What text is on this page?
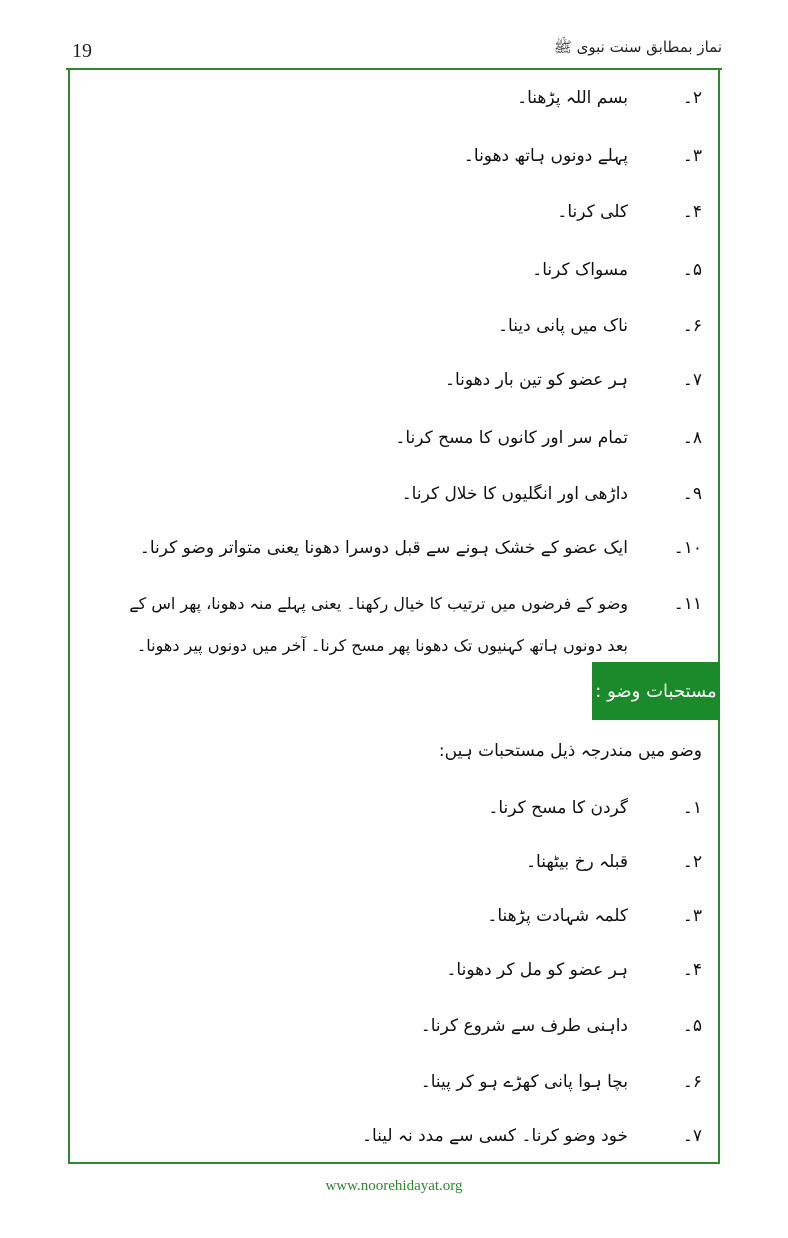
19	نماز بمطابق سنت نبوی ﷺ
۲۔
بسم اللہ پڑھنا۔
۳۔
پہلے دونوں ہاتھ دھونا۔
۴۔
کلی کرنا۔
۵۔
مسواک کرنا۔
۶۔
ناک میں پانی دینا۔
۷۔
ہر عضو کو تین بار دھونا۔
۸۔
تمام سر اور کانوں کا مسح کرنا۔
۹۔
داڑھی اور انگلیوں کا خلال کرنا۔
۱۰۔
ایک عضو کے خشک ہونے سے قبل دوسرا دھونا یعنی متواتر وضو کرنا۔
۱۱۔
وضو کے فرضوں میں ترتیب کا خیال رکھنا۔ یعنی پہلے منہ دھونا، پھر اس کے
بعد دونوں ہاتھ کہنیوں تک دھونا پھر مسح کرنا۔ آخر میں دونوں پیر دھونا۔
مستحبات وضو :
وضو میں مندرجہ ذیل مستحبات ہیں:
۱۔
گردن کا مسح کرنا۔
۲۔
قبلہ رخ بیٹھنا۔
۳۔
کلمہ شہادت پڑھنا۔
۴۔
ہر عضو کو مل کر دھونا۔
۵۔
داہنی طرف سے شروع کرنا۔
۶۔
بچا ہوا پانی کھڑے ہو کر پینا۔
۷۔
خود وضو کرنا۔ کسی سے مدد نہ لینا۔
www.noorehidayat.org
